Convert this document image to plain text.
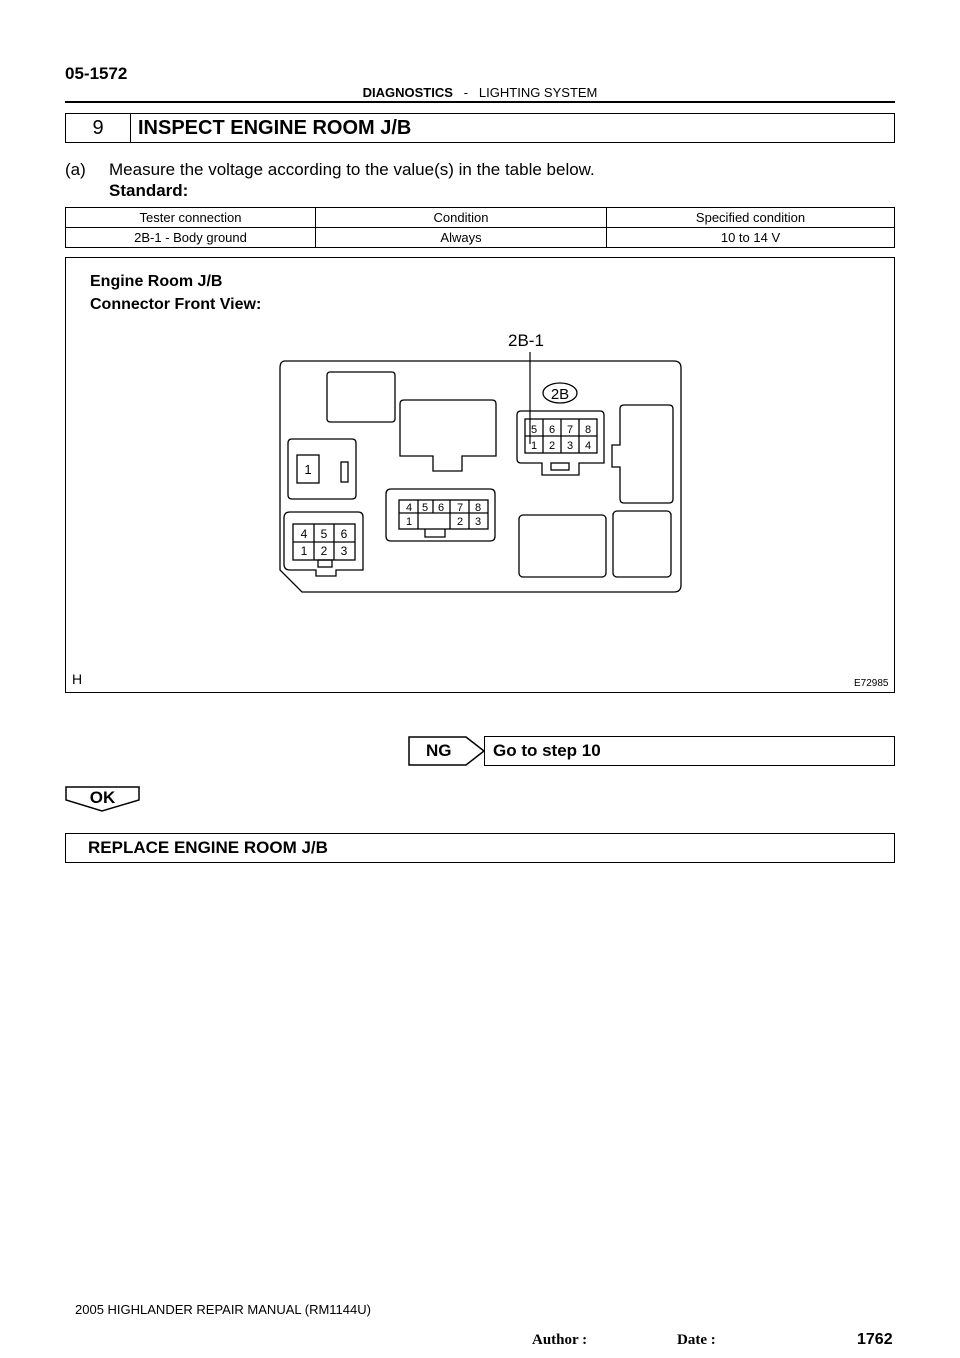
05-1572
DIAGNOSTICS - LIGHTING SYSTEM
9	INSPECT ENGINE ROOM J/B
(a) Measure the voltage according to the value(s) in the table below.
Standard:
Tester connection	Condition	Specified condition
2B-1 - Body ground	Always	10 to 14 V
Engine Room J/B
Connector Front View:
2B-1
2B
5 6 7 8
1 2 3 4
1
4 5 6 7 8
1	2 3
4 5 6
1 2 3
H	E72985
NG Go to step 10
OK
REPLACE ENGINE ROOM J/B
2005 HIGHLANDER REPAIR MANUAL (RM1144U)
Author :	Date :	1762
